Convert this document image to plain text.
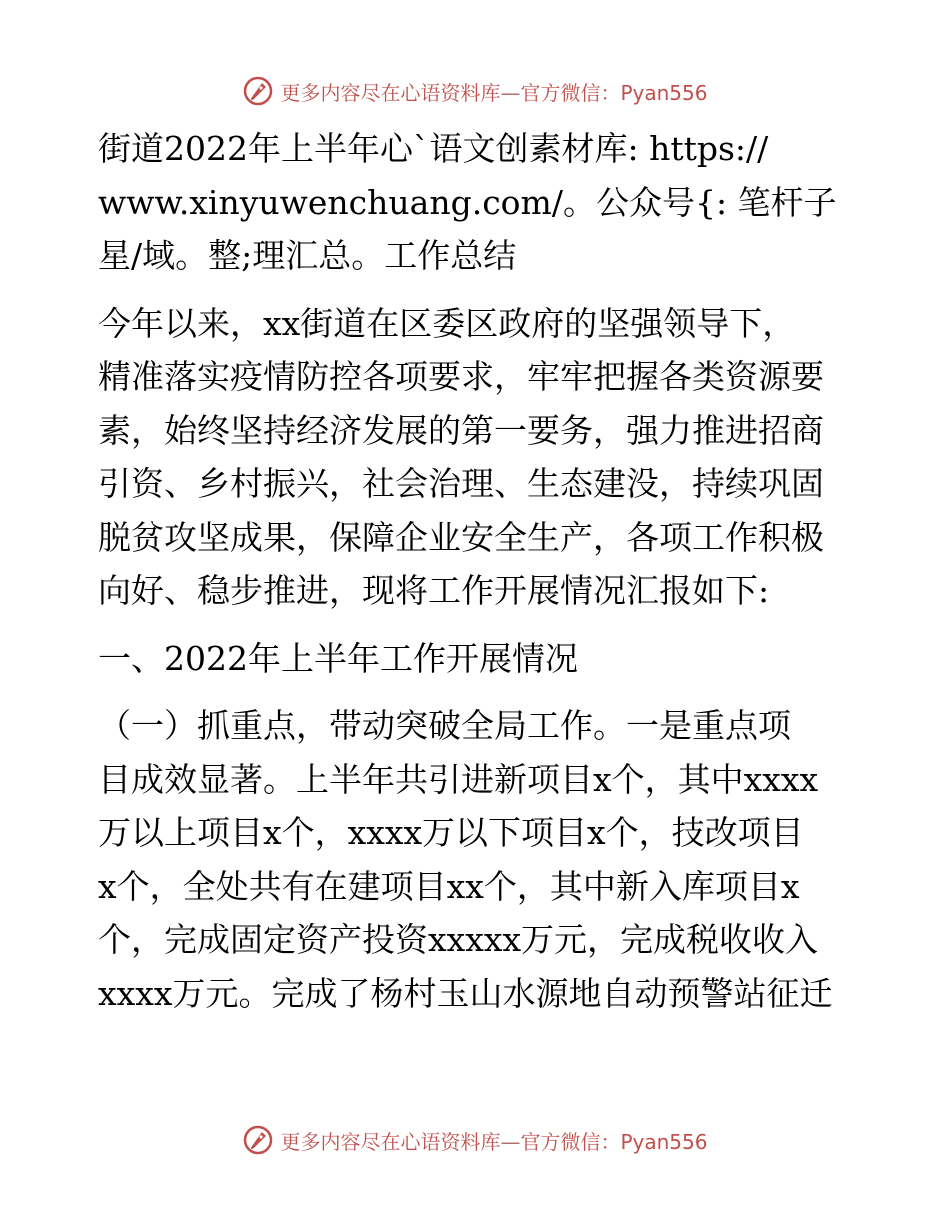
更多内容尽在心语资料库—官方微信：Pyan556

街道2022年上半年心`语文创素材库: https://
www.xinyuwenchuang.com/。公众号{: 笔杆子
星/域。整;理汇总。工作总结

今年以来，xx街道在区委区政府的坚强领导下，
精准落实疫情防控各项要求，牢牢把握各类资源要
素，始终坚持经济发展的第一要务，强力推进招商
引资、乡村振兴，社会治理、生态建没，持续巩固
脱贫攻坚成果，保障企业安全生产，各项工作积极
向好、稳步推进，现将工作开展情况汇报如下:

一、2022年上半年工作开展情况

（一）抓重点，带动突破全局工作。一是重点项
目成效显著。上半年共引进新项目x个，其中xxxx
万以上项目x个，xxxx万以下项目x个，技改项目
x个，全处共有在建项目xx个，其中新入库项目x
个，完成固定资产投资xxxxx万元，完成税收收入
xxxx万元。完成了杨村玉山水源地自动预警站征迁

更多内容尽在心语资料库—官方微信：Pyan556
